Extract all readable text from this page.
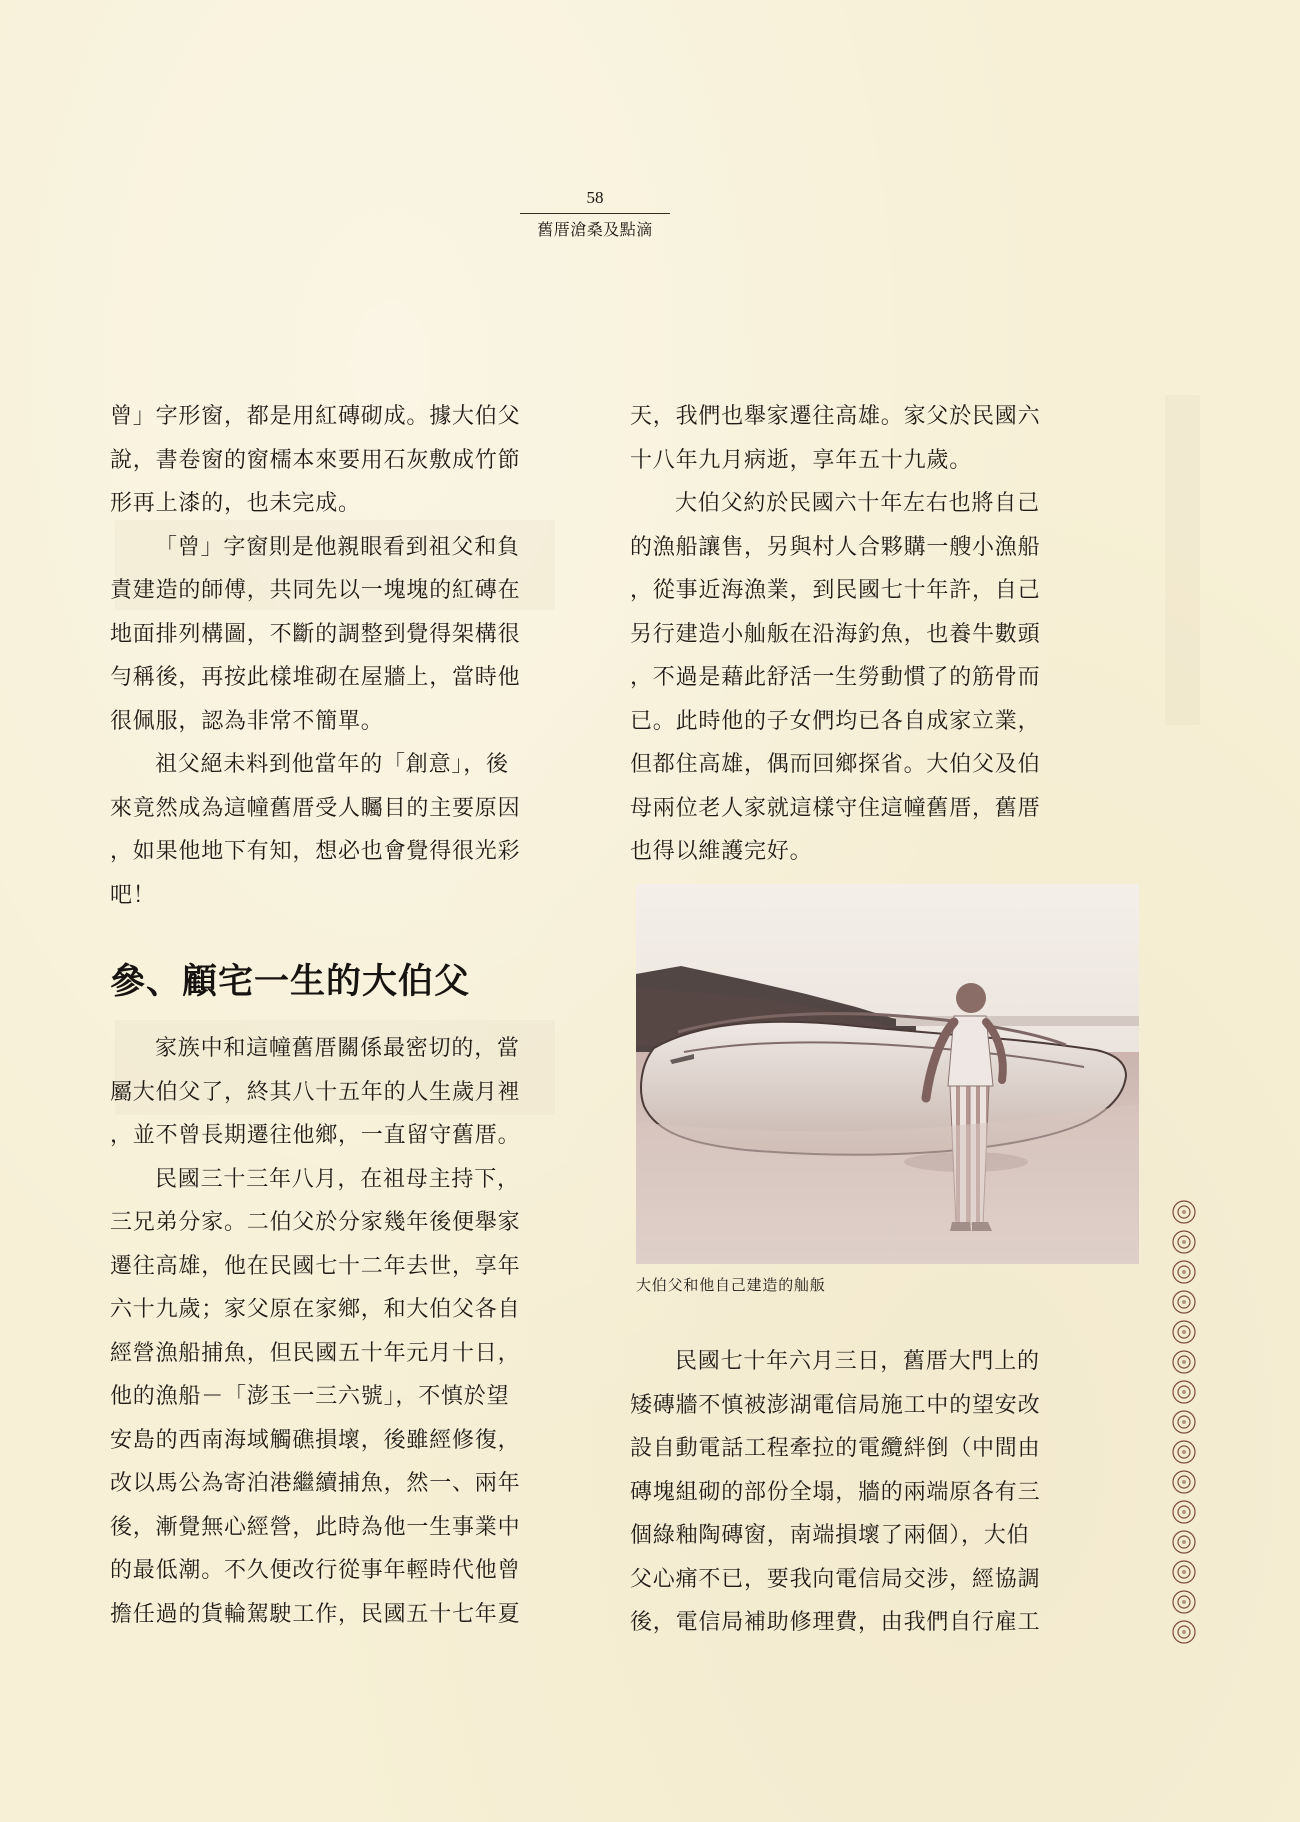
58
舊厝滄桑及點滴

曾」字形窗，都是用紅磚砌成。據大伯父
說，書卷窗的窗檽本來要用石灰敷成竹節
形再上漆的，也未完成。

「曾」字窗則是他親眼看到祖父和負
責建造的師傅，共同先以一塊塊的紅磚在
地面排列構圖，不斷的調整到覺得架構很
勻稱後，再按此樣堆砌在屋牆上，當時他
很佩服，認為非常不簡單。

祖父絕未料到他當年的「創意」，後
來竟然成為這幢舊厝受人矚目的主要原因
，如果他地下有知，想必也會覺得很光彩
吧！

參、顧宅一生的大伯父

家族中和這幢舊厝關係最密切的，當
屬大伯父了，終其八十五年的人生歲月裡
，並不曾長期遷往他鄉，一直留守舊厝。

民國三十三年八月，在祖母主持下，
三兄弟分家。二伯父於分家幾年後便舉家
遷往高雄，他在民國七十二年去世，享年
六十九歲；家父原在家鄉，和大伯父各自
經營漁船捕魚，但民國五十年元月十日，
他的漁船－「澎玉一三六號」，不慎於望
安島的西南海域觸礁損壞，後雖經修復，
改以馬公為寄泊港繼續捕魚，然一、兩年
後，漸覺無心經營，此時為他一生事業中
的最低潮。不久便改行從事年輕時代他曾
擔任過的貨輪駕駛工作，民國五十七年夏

天，我們也舉家遷往高雄。家父於民國六
十八年九月病逝，享年五十九歲。

大伯父約於民國六十年左右也將自己
的漁船讓售，另與村人合夥購一艘小漁船
，從事近海漁業，到民國七十年許，自己
另行建造小舢舨在沿海釣魚，也養牛數頭
，不過是藉此舒活一生勞動慣了的筋骨而
已。此時他的子女們均已各自成家立業，
但都住高雄，偶而回鄉探省。大伯父及伯
母兩位老人家就這樣守住這幢舊厝，舊厝
也得以維護完好。

大伯父和他自己建造的舢舨

民國七十年六月三日，舊厝大門上的
矮磚牆不慎被澎湖電信局施工中的望安改
設自動電話工程牽拉的電纜絆倒（中間由
磚塊組砌的部份全塌，牆的兩端原各有三
個綠釉陶磚窗，南端損壞了兩個），大伯
父心痛不已，要我向電信局交涉，經協調
後，電信局補助修理費，由我們自行雇工
